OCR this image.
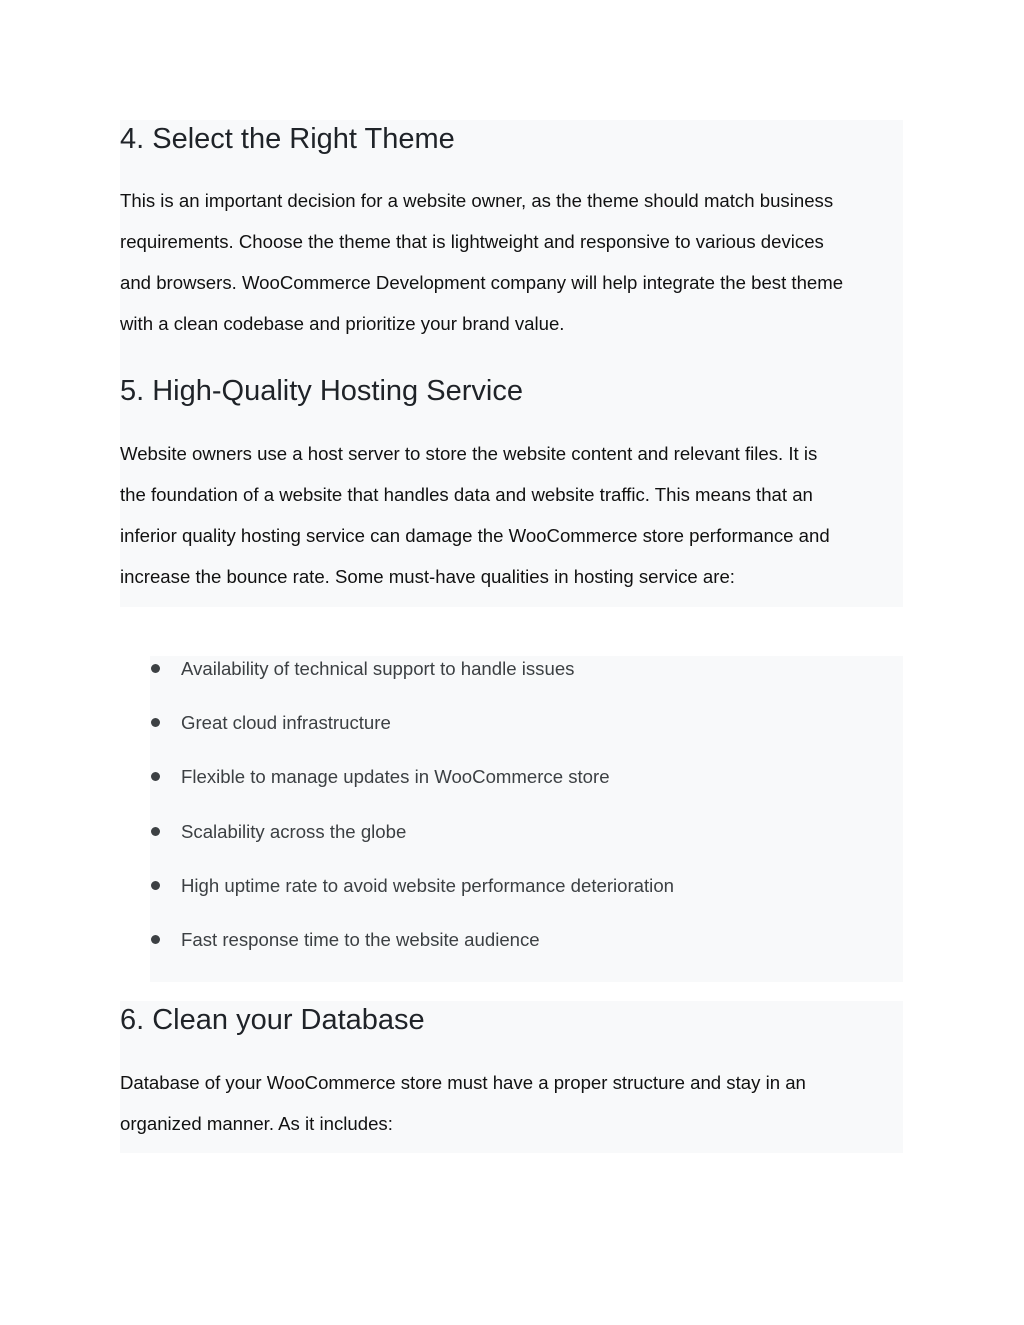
4. Select the Right Theme

This is an important decision for a website owner, as the theme should match business
requirements. Choose the theme that is lightweight and responsive to various devices
and browsers. WooCommerce Development company will help integrate the best theme
with a clean codebase and prioritize your brand value.

5. High-Quality Hosting Service

Website owners use a host server to store the website content and relevant files. It is
the foundation of a website that handles data and website traffic. This means that an
inferior quality hosting service can damage the WooCommerce store performance and
increase the bounce rate. Some must-have qualities in hosting service are:

Availability of technical support to handle issues
Great cloud infrastructure
Flexible to manage updates in WooCommerce store
Scalability across the globe
High uptime rate to avoid website performance deterioration
Fast response time to the website audience
6. Clean your Database

Database of your WooCommerce store must have a proper structure and stay in an
organized manner. As it includes:
